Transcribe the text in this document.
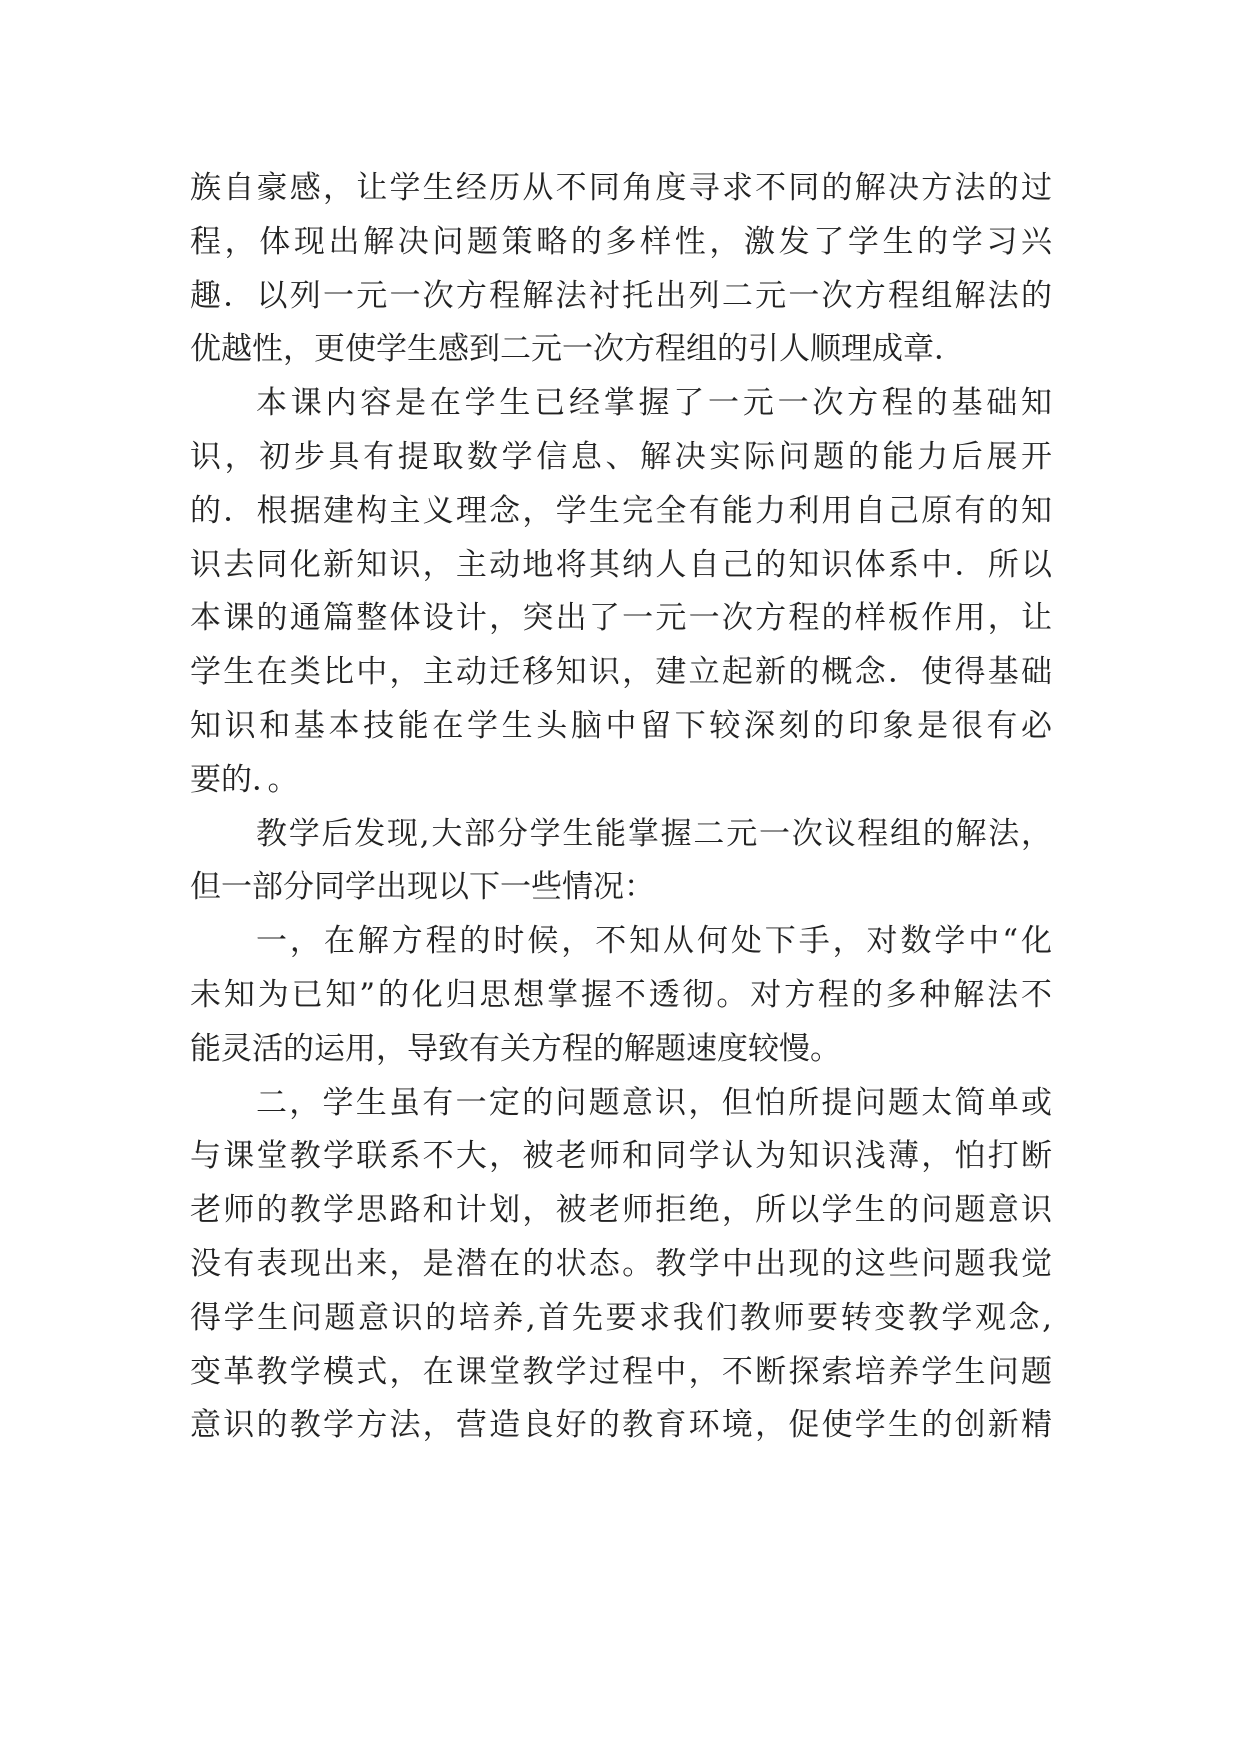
族自豪感，让学生经历从不同角度寻求不同的解决方法的过
程，体现出解决问题策略的多样性，激发了学生的学习兴
趣．以列一元一次方程解法衬托出列二元一次方程组解法的
优越性，更使学生感到二元一次方程组的引人顺理成章．
本课内容是在学生已经掌握了一元一次方程的基础知
识，初步具有提取数学信息、解决实际问题的能力后展开
的．根据建构主义理念，学生完全有能力利用自己原有的知
识去同化新知识，主动地将其纳人自己的知识体系中．所以
本课的通篇整体设计，突出了一元一次方程的样板作用，让
学生在类比中，主动迁移知识，建立起新的概念．使得基础
知识和基本技能在学生头脑中留下较深刻的印象是很有必
要的．。
教学后发现,大部分学生能掌握二元一次议程组的解法，
但一部分同学出现以下一些情况：
一，在解方程的时候，不知从何处下手，对数学中“化
未知为已知”的化归思想掌握不透彻。对方程的多种解法不
能灵活的运用，导致有关方程的解题速度较慢。
二，学生虽有一定的问题意识，但怕所提问题太简单或
与课堂教学联系不大，被老师和同学认为知识浅薄，怕打断
老师的教学思路和计划，被老师拒绝，所以学生的问题意识
没有表现出来，是潜在的状态。教学中出现的这些问题我觉
得学生问题意识的培养,首先要求我们教师要转变教学观念,
变革教学模式，在课堂教学过程中，不断探索培养学生问题
意识的教学方法，营造良好的教育环境，促使学生的创新精
